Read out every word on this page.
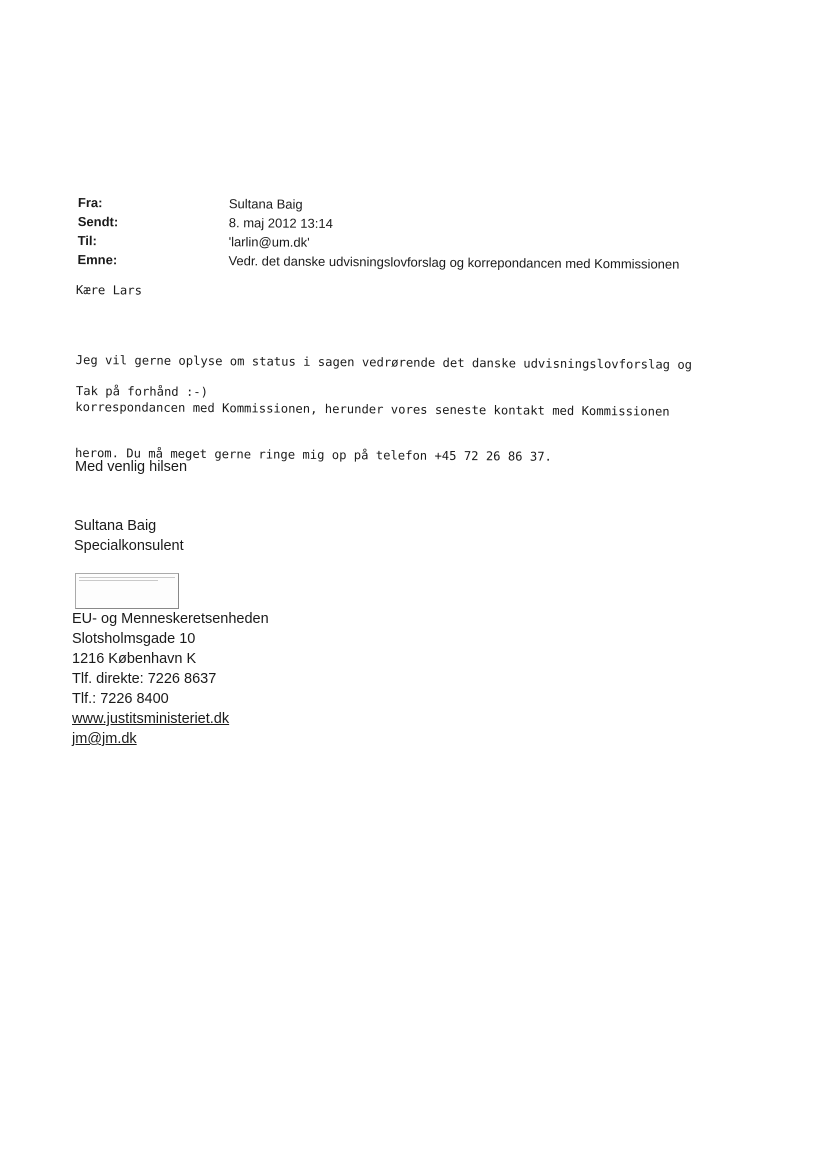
Fra:	Sultana Baig
Sendt:	8. maj 2012 13:14
Til:	'larlin@um.dk'
Emne:	Vedr. det danske udvisningslovforslag og korrepondancen med Kommissionen
Kære Lars

Jeg vil gerne oplyse om status i sagen vedrørende det danske udvisningslovforslag og

korrespondancen med Kommissionen, herunder vores seneste kontakt med Kommissionen

herom. Du må meget gerne ringe mig op på telefon +45 72 26 86 37.

Tak på forhånd :-)
Med venlig hilsen
Sultana Baig
Specialkonsulent
EU- og Menneskeretsenheden
Slotsholmsgade 10
1216 København K
Tlf. direkte: 7226 8637
Tlf.: 7226 8400
www.justitsministeriet.dk
jm@jm.dk
